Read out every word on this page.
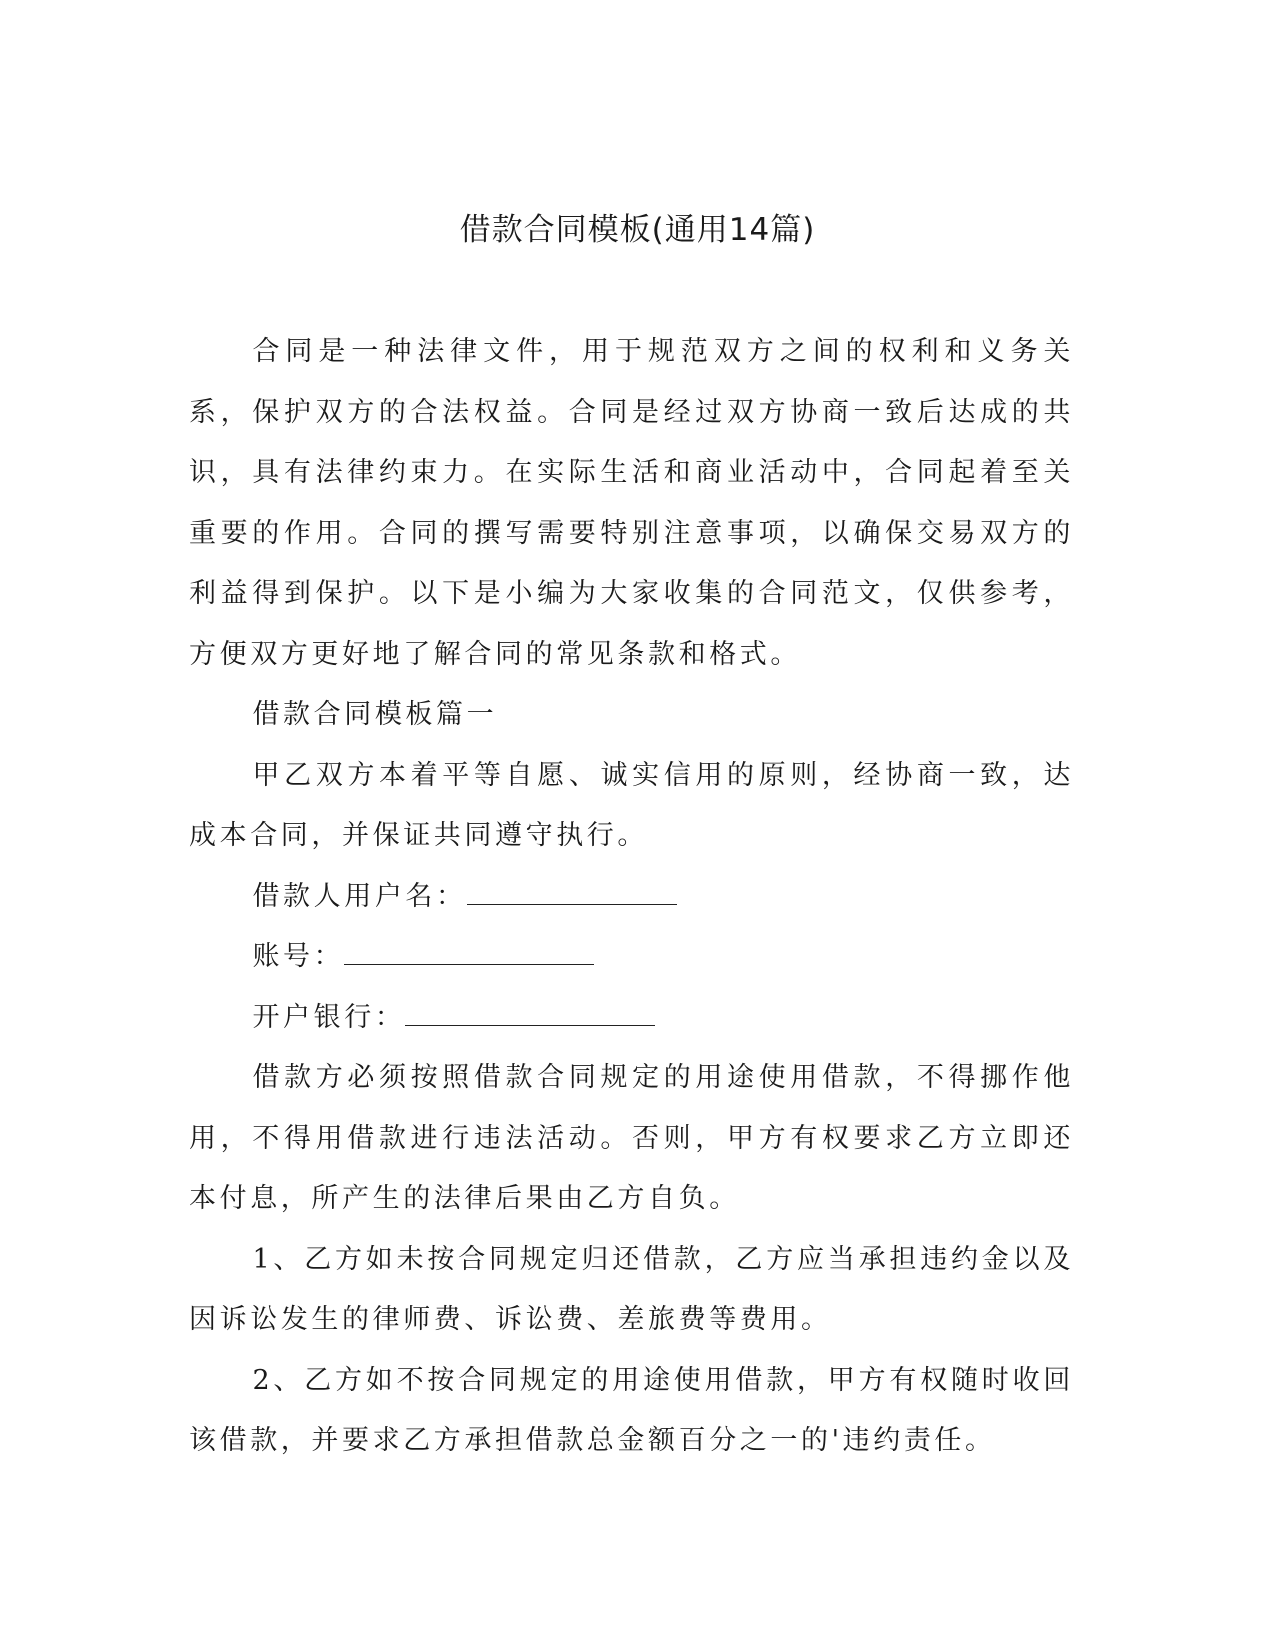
借款合同模板(通用14篇)

合同是一种法律文件，用于规范双方之间的权利和义务关系，保护双方的合法权益。合同是经过双方协商一致后达成的共识，具有法律约束力。在实际生活和商业活动中，合同起着至关重要的作用。合同的撰写需要特别注意事项，以确保交易双方的利益得到保护。以下是小编为大家收集的合同范文，仅供参考，方便双方更好地了解合同的常见条款和格式。

借款合同模板篇一

甲乙双方本着平等自愿、诚实信用的原则，经协商一致，达成本合同，并保证共同遵守执行。

借款人用户名：

账号：

开户银行：

借款方必须按照借款合同规定的用途使用借款，不得挪作他用，不得用借款进行违法活动。否则，甲方有权要求乙方立即还本付息，所产生的法律后果由乙方自负。

1、乙方如未按合同规定归还借款，乙方应当承担违约金以及因诉讼发生的律师费、诉讼费、差旅费等费用。

2、乙方如不按合同规定的用途使用借款，甲方有权随时收回该借款，并要求乙方承担借款总金额百分之一的'违约责任。
